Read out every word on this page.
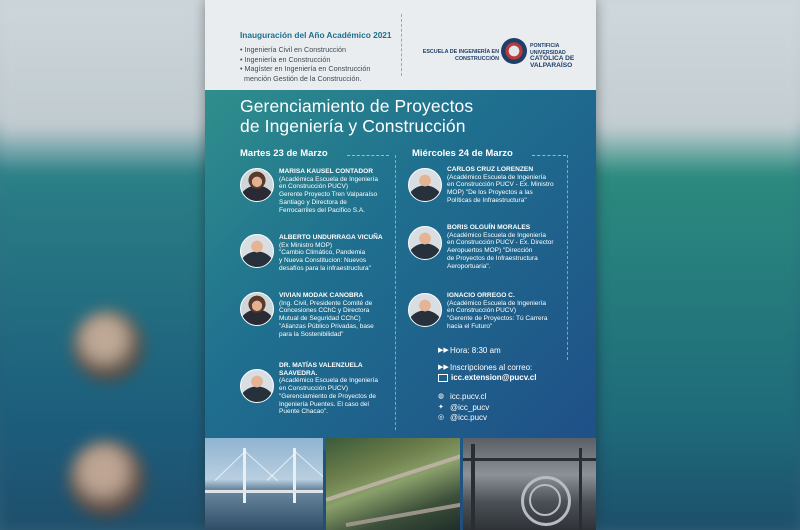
Inauguración del Año Académico 2021
• Ingeniería Civil en Construcción
• Ingeniería en Construcción
• Magíster en Ingeniería en Construcción
mención Gestión de la Construcción.
ESCUELA DE INGENIERÍA EN CONSTRUCCIÓN
PONTIFICIA
UNIVERSIDAD
CATÓLICA DE
VALPARAÍSO
Gerenciamiento de Proyectos
de Ingeniería y Construcción
Martes 23 de Marzo
MARISA KAUSEL CONTADOR
(Académica Escuela de Ingeniería
en Construcción PUCV)
Gerente Proyecto Tren Valparaíso
Santiago y Directora de
Ferrocarriles del Pacífico S.A.
ALBERTO UNDURRAGA VICUÑA
(Ex Ministro MOP)
"Cambio Climático, Pandemia
y Nueva Constitucion: Nuevos
desafíos para la infraestructura"
VIVIAN MODAK CANOBRA
(Ing. Civil, Presidente Comité de
Concesiones CChC y Directora
Mutual de Seguridad CChC)
"Alianzas Público Privadas, base
para la Sostenibilidad"
DR. MATÍAS VALENZUELA
SAAVEDRA.
(Académico Escuela de Ingeniería
en Construcción PUCV)
"Gerenciamiento de Proyectos de
Ingeniería Puentes. El caso del
Puente Chacao".
Miércoles 24 de Marzo
CARLOS CRUZ LORENZEN
(Académico Escuela de Ingeniería
en Construcción PUCV - Ex. Ministro
MOP) "De los Proyectos a las
Políticas de Infraestructura"
BORIS OLGUÍN MORALES
(Académico Escuela de Ingeniería
en Construcción PUCV - Ex. Director
Aeropuertos MOP) "Dirección
de Proyectos de Infraestructura
Aeroportuaria".
IGNACIO ORREGO C.
(Académico Escuela de Ingeniería
en Construcción PUCV)
"Gerente de Proyectos: Tú Carrera
hacia el Futuro"
▶▶Hora: 8:30 am
▶▶Inscripciones al correo:
icc.extension@pucv.cl
◍ icc.pucv.cl
✦ @icc_pucv
◎ @icc.pucv
